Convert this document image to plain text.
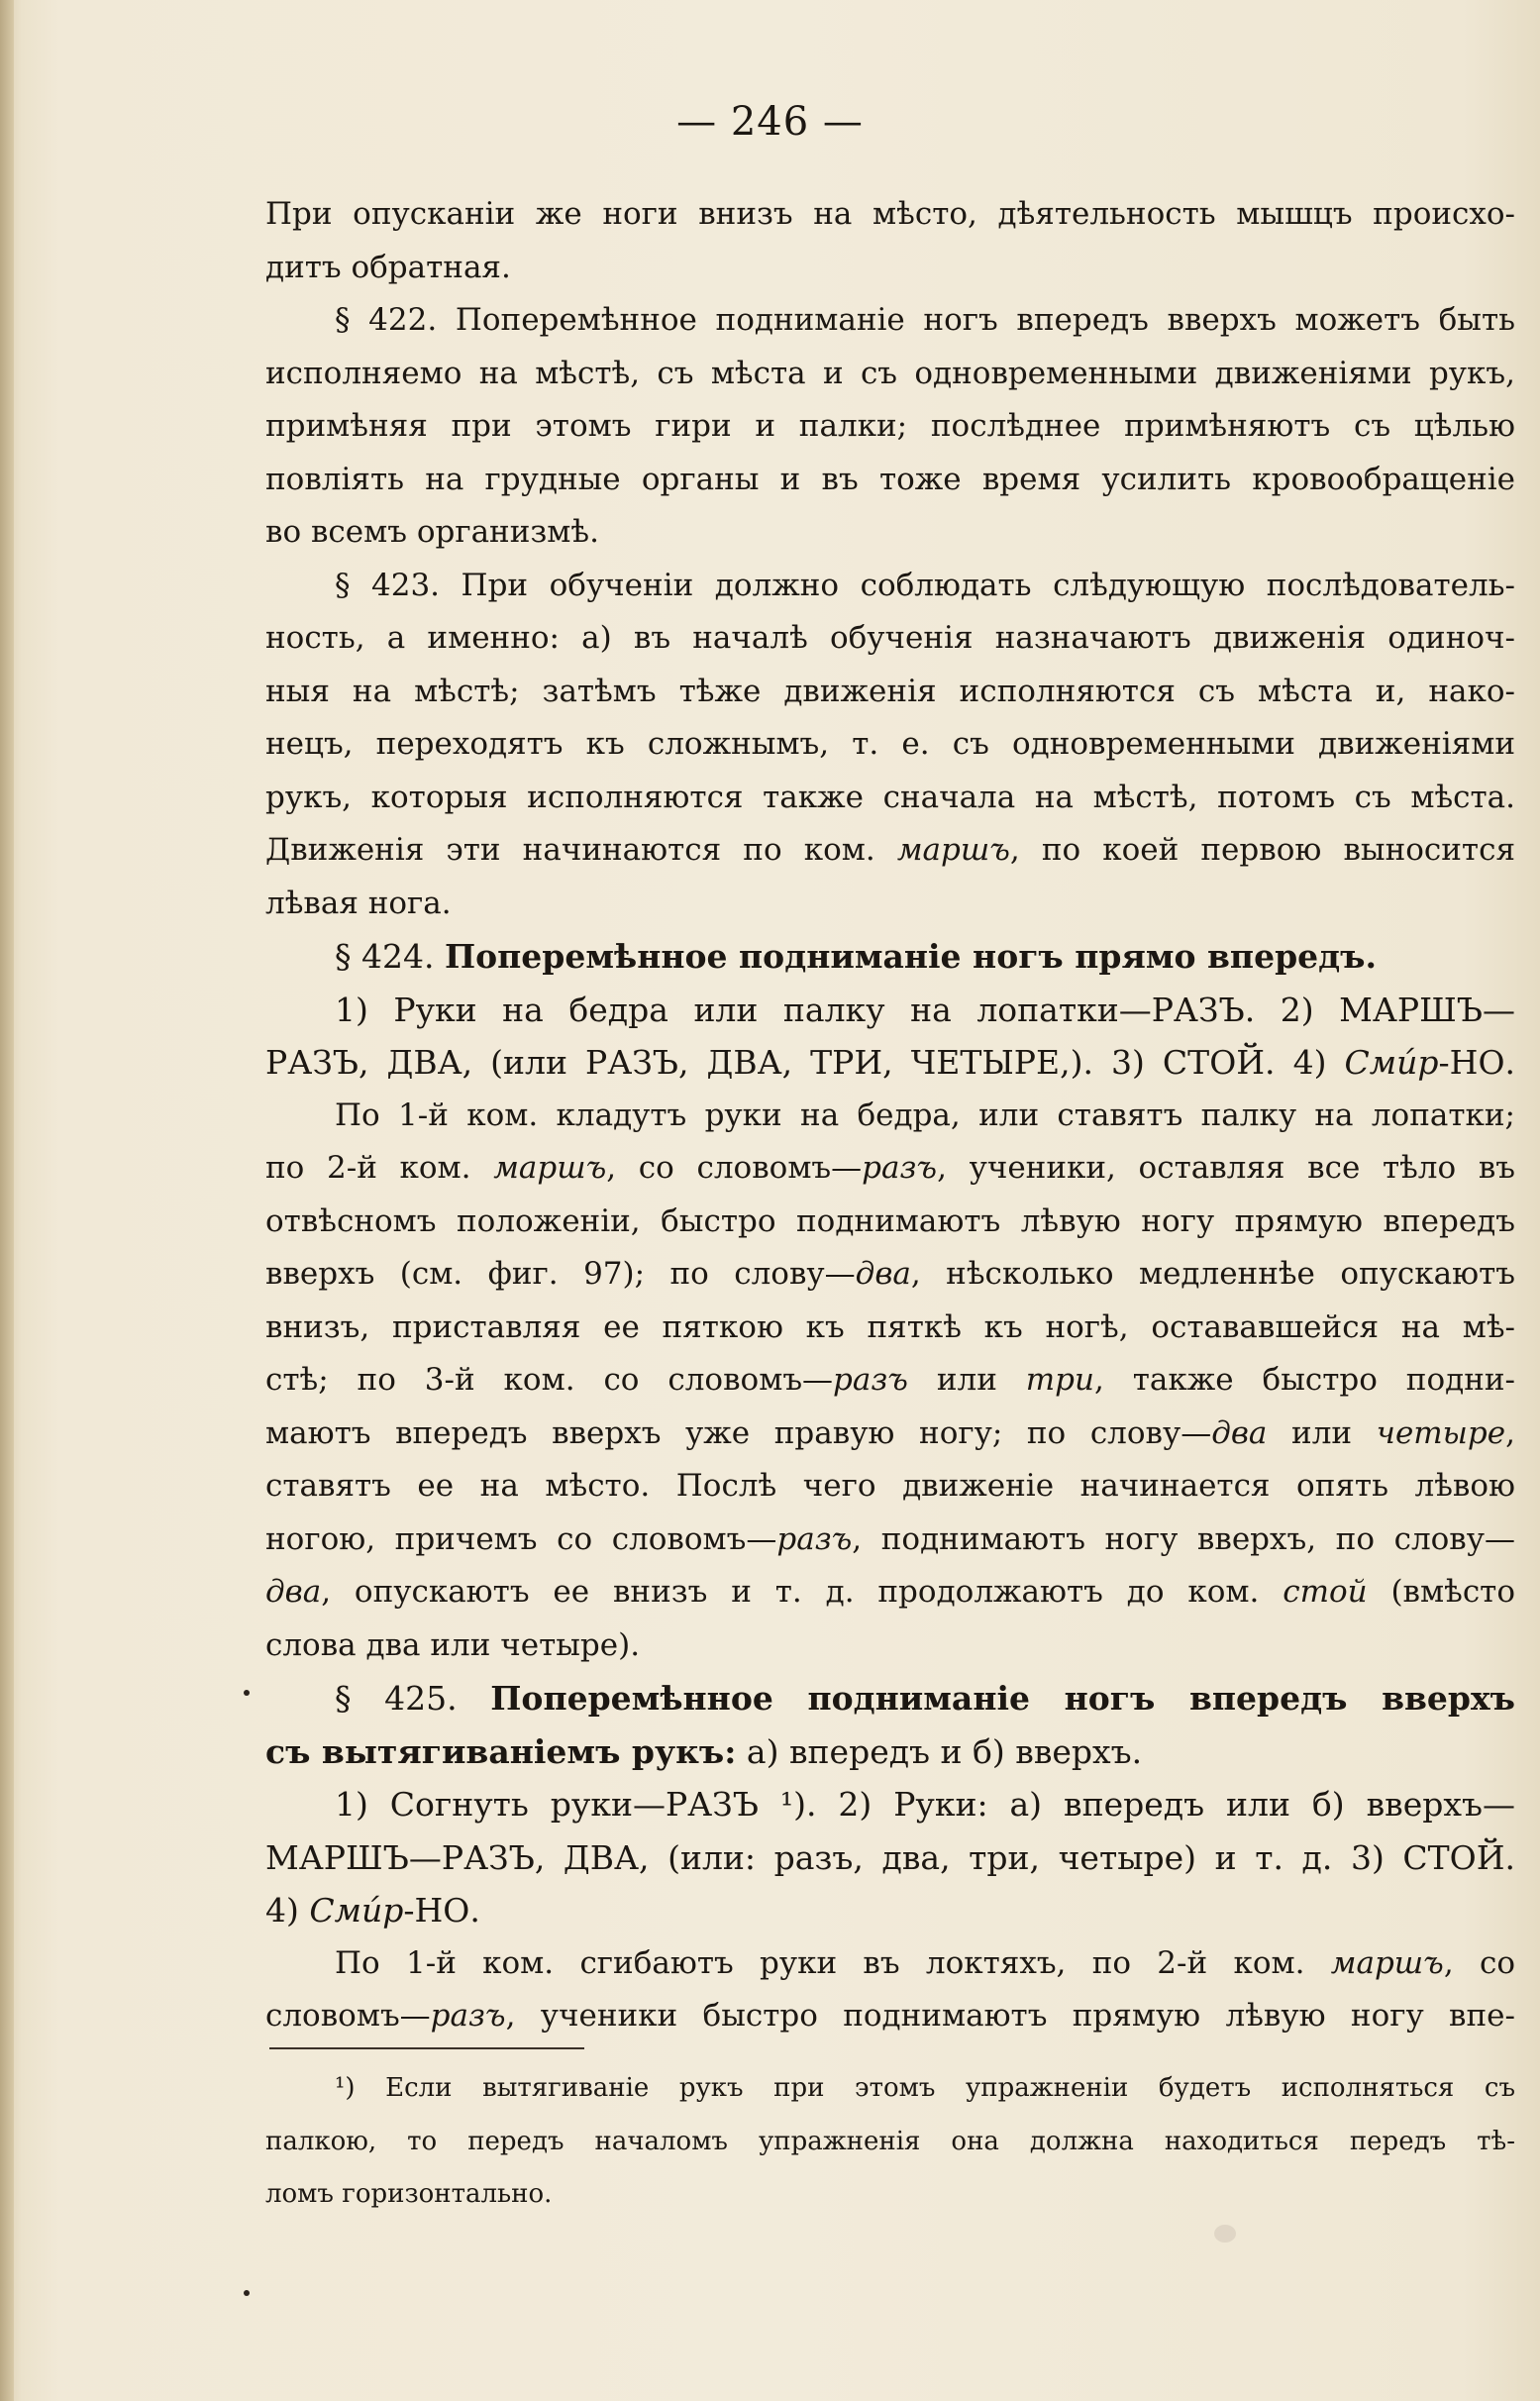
— 246 —
При опусканіи же ноги внизъ на мѣсто, дѣятельность мышцъ происхо-
дитъ обратная.
§ 422. Поперемѣнное подниманіе ногъ впередъ вверхъ можетъ быть
исполняемо на мѣстѣ, съ мѣста и съ одновременными движеніями рукъ,
примѣняя при этомъ гири и палки; послѣднее примѣняютъ съ цѣлью
повліять на грудные органы и въ тоже время усилить кровообращеніе
во всемъ организмѣ.
§ 423. При обученіи должно соблюдать слѣдующую послѣдователь-
ность, а именно: а) въ началѣ обученія назначаютъ движенія одиноч-
ныя на мѣстѣ; затѣмъ тѣже движенія исполняются съ мѣста и, нако-
нецъ, переходятъ къ сложнымъ, т. е. съ одновременными движеніями
рукъ, которыя исполняются также сначала на мѣстѣ, потомъ съ мѣста.
Движенія эти начинаются по ком. маршъ, по коей первою выносится
лѣвая нога.
§ 424. Поперемѣнное подниманіе ногъ прямо впередъ.
1) Руки на бедра или палку на лопатки—РАЗЪ. 2) МАРШЪ—
РАЗЪ, ДВА, (или РАЗЪ, ДВА, ТРИ, ЧЕТЫРЕ,). 3) СТОЙ. 4) Смúр-НО.
По 1-й ком. кладутъ руки на бедра, или ставятъ палку на лопатки;
по 2-й ком. маршъ, со словомъ—разъ, ученики, оставляя все тѣло въ
отвѣсномъ положеніи, быстро поднимаютъ лѣвую ногу прямую впередъ
вверхъ (см. фиг. 97); по слову—два, нѣсколько медленнѣе опускаютъ
внизъ, приставляя ее пяткою къ пяткѣ къ ногѣ, остававшейся на мѣ-
стѣ; по 3-й ком. со словомъ—разъ или три, также быстро подни-
маютъ впередъ вверхъ уже правую ногу; по слову—два или четыре,
ставятъ ее на мѣсто. Послѣ чего движеніе начинается опять лѣвою
ногою, причемъ со словомъ—разъ, поднимаютъ ногу вверхъ, по слову—
два, опускаютъ ее внизъ и т. д. продолжаютъ до ком. стой (вмѣсто
слова два или четыре).
§ 425. Поперемѣнное подниманіе ногъ впередъ вверхъ
съ вытягиваніемъ рукъ: а) впередъ и б) вверхъ.
1) Согнуть руки—РАЗЪ ¹). 2) Руки: а) впередъ или б) вверхъ—
МАРШЪ—РАЗЪ, ДВА, (или: разъ, два, три, четыре) и т. д. 3) СТОЙ.
4) Смúр-НО.
По 1-й ком. сгибаютъ руки въ локтяхъ, по 2-й ком. маршъ, со
словомъ—разъ, ученики быстро поднимаютъ прямую лѣвую ногу впе-
¹) Если вытягиваніе рукъ при этомъ упражненіи будетъ исполняться съ
палкою, то передъ началомъ упражненія она должна находиться передъ тѣ-
ломъ горизонтально.
